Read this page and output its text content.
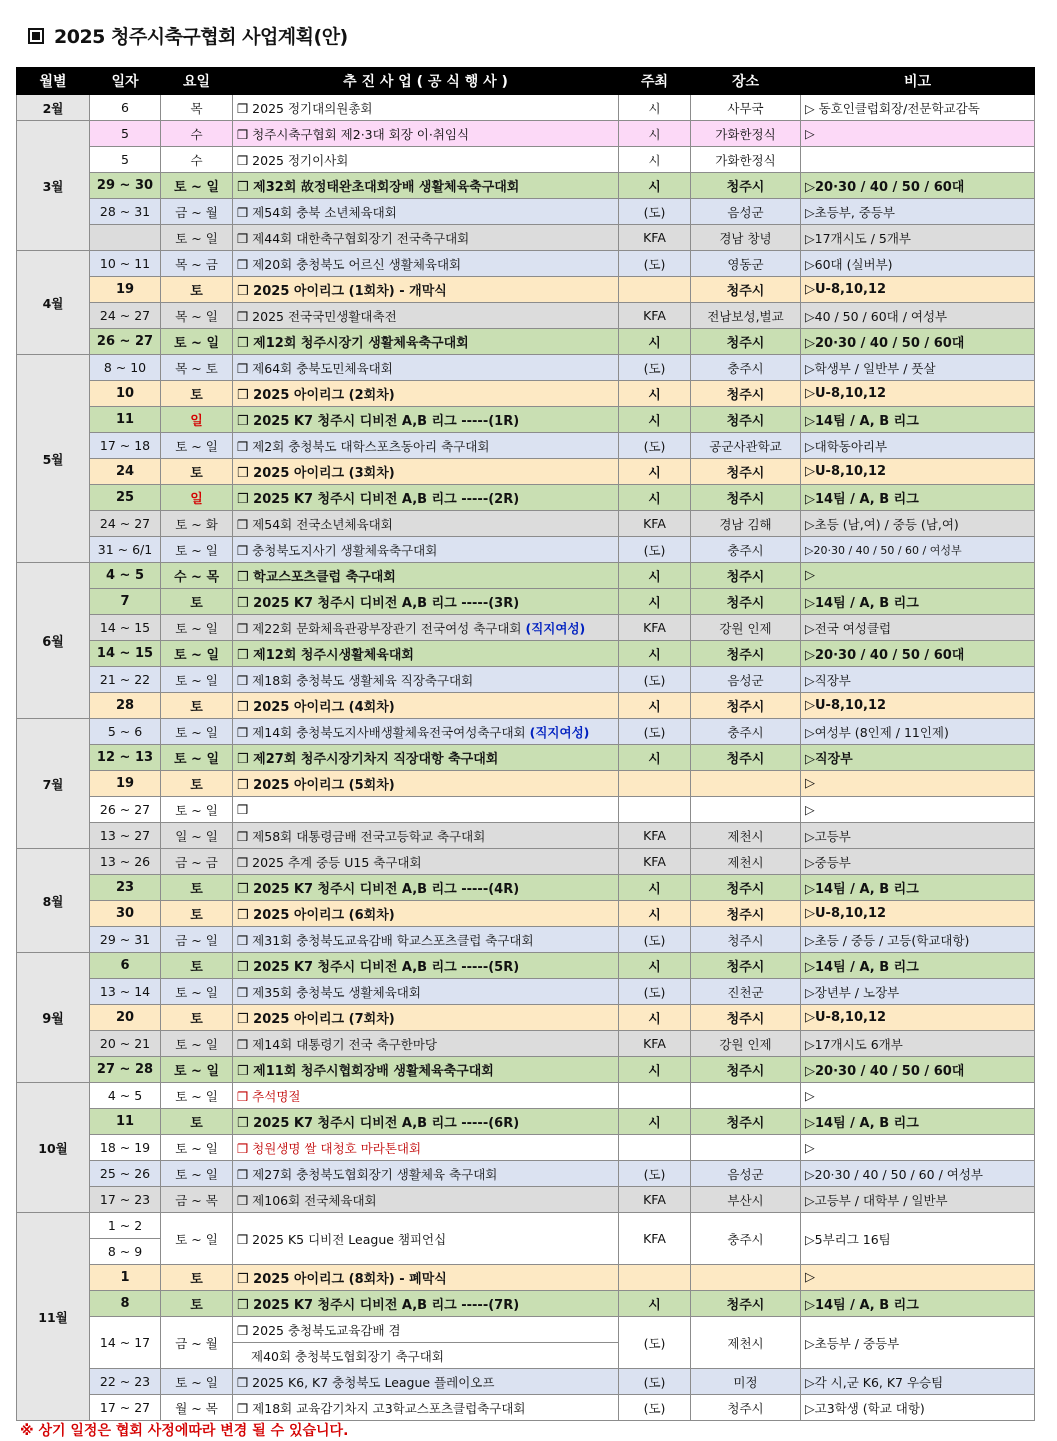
2025 청주시축구협회 사업계획(안)
월별	일자	요일	추 진 사 업 ( 공 식 행 사 )	주최	장소	비고
2월	6	목	❒ 2025 정기대의원총회	시	사무국	▷ 동호인클럽회장/전문학교감독
3월	5	수	❒ 청주시축구협회 제2·3대 회장 이·취임식	시	가화한정식	▷
	5	수	❒ 2025 정기이사회	시	가화한정식	
	29 ~ 30	토 ~ 일	❒ 제32회 故정태완초대회장배 생활체육축구대회	시	청주시	▷20·30 / 40 / 50 / 60대
	28 ~ 31	금 ~ 월	❒ 제54회 충북 소년체육대회	(도)	음성군	▷초등부, 중등부
		토 ~ 일	❒ 제44회 대한축구협회장기 전국축구대회	KFA	경남 창녕	▷17개시도 / 5개부
4월	10 ~ 11	목 ~ 금	❒ 제20회 충청북도 어르신 생활체육대회	(도)	영동군	▷60대 (실버부)
	19	토	❒ 2025 아이리그 (1회차) - 개막식		청주시	▷U-8,10,12
	24 ~ 27	목 ~ 일	❒ 2025 전국국민생활대축전	KFA	전남보성,벌교	▷40 / 50 / 60대 / 여성부
	26 ~ 27	토 ~ 일	❒ 제12회 청주시장기 생활체육축구대회	시	청주시	▷20·30 / 40 / 50 / 60대
5월	8 ~ 10	목 ~ 토	❒ 제64회 충북도민체육대회	(도)	충주시	▷학생부 / 일반부 / 풋살
	10	토	❒ 2025 아이리그 (2회차)	시	청주시	▷U-8,10,12
	11	일	❒ 2025 K7 청주시 디비전 A,B 리그 -----(1R)	시	청주시	▷14팀 / A, B 리그
	17 ~ 18	토 ~ 일	❒ 제2회 충청북도 대학스포츠동아리 축구대회	(도)	공군사관학교	▷대학동아리부
	24	토	❒ 2025 아이리그 (3회차)	시	청주시	▷U-8,10,12
	25	일	❒ 2025 K7 청주시 디비전 A,B 리그 -----(2R)	시	청주시	▷14팀 / A, B 리그
	24 ~ 27	토 ~ 화	❒ 제54회 전국소년체육대회	KFA	경남 김해	▷초등 (남,여) / 중등 (남,여)
	31 ~ 6/1	토 ~ 일	❒ 충청북도지사기 생활체육축구대회	(도)	충주시	▷20·30 / 40 / 50 / 60 / 여성부
6월	4 ~ 5	수 ~ 목	❒ 학교스포츠클럽 축구대회	시	청주시	▷
	7	토	❒ 2025 K7 청주시 디비전 A,B 리그 -----(3R)	시	청주시	▷14팀 / A, B 리그
	14 ~ 15	토 ~ 일	❒ 제22회 문화체육관광부장관기 전국여성 축구대회 (직지여성)	KFA	강원 인제	▷전국 여성클럽
	14 ~ 15	토 ~ 일	❒ 제12회 청주시생활체육대회	시	청주시	▷20·30 / 40 / 50 / 60대
	21 ~ 22	토 ~ 일	❒ 제18회 충청북도 생활체육 직장축구대회	(도)	음성군	▷직장부
	28	토	❒ 2025 아이리그 (4회차)	시	청주시	▷U-8,10,12
7월	5 ~ 6	토 ~ 일	❒ 제14회 충청북도지사배생활체육전국여성축구대회 (직지여성)	(도)	충주시	▷여성부 (8인제 / 11인제)
	12 ~ 13	토 ~ 일	❒ 제27회 청주시장기차지 직장대항 축구대회	시	청주시	▷직장부
	19	토	❒ 2025 아이리그 (5회차)			▷
	26 ~ 27	토 ~ 일	❒			▷
	13 ~ 27	일 ~ 일	❒ 제58회 대통령금배 전국고등학교 축구대회	KFA	제천시	▷고등부
8월	13 ~ 26	금 ~ 금	❒ 2025 추계 중등 U15 축구대회	KFA	제천시	▷중등부
	23	토	❒ 2025 K7 청주시 디비전 A,B 리그 -----(4R)	시	청주시	▷14팀 / A, B 리그
	30	토	❒ 2025 아이리그 (6회차)	시	청주시	▷U-8,10,12
	29 ~ 31	금 ~ 일	❒ 제31회 충청북도교육감배 학교스포츠클럽 축구대회	(도)	청주시	▷초등 / 중등 / 고등(학교대항)
9월	6	토	❒ 2025 K7 청주시 디비전 A,B 리그 -----(5R)	시	청주시	▷14팀 / A, B 리그
	13 ~ 14	토 ~ 일	❒ 제35회 충청북도 생활체육대회	(도)	진천군	▷장년부 / 노장부
	20	토	❒ 2025 아이리그 (7회차)	시	청주시	▷U-8,10,12
	20 ~ 21	토 ~ 일	❒ 제14회 대통령기 전국 축구한마당	KFA	강원 인제	▷17개시도 6개부
	27 ~ 28	토 ~ 일	❒ 제11회 청주시협회장배 생활체육축구대회	시	청주시	▷20·30 / 40 / 50 / 60대
10월	4 ~ 5	토 ~ 일	❒ 추석명절			▷
	11	토	❒ 2025 K7 청주시 디비전 A,B 리그 -----(6R)	시	청주시	▷14팀 / A, B 리그
	18 ~ 19	토 ~ 일	❒ 청원생명 쌀 대청호 마라톤대회			▷
	25 ~ 26	토 ~ 일	❒ 제27회 충청북도협회장기 생활체육 축구대회	(도)	음성군	▷20·30 / 40 / 50 / 60 / 여성부
	17 ~ 23	금 ~ 목	❒ 제106회 전국체육대회	KFA	부산시	▷고등부 / 대학부 / 일반부
11월	1 ~ 2	토 ~ 일	❒ 2025 K5 디비전 League 챔피언십	KFA	충주시	▷5부리그 16팀
	8 ~ 9					
	1	토	❒ 2025 아이리그 (8회차) - 폐막식			▷
	8	토	❒ 2025 K7 청주시 디비전 A,B 리그 -----(7R)	시	청주시	▷14팀 / A, B 리그
	14 ~ 17	금 ~ 월	❒ 2025 충청북도교육감배 겸	(도)	제천시	▷초등부 / 중등부
			제40회 충청북도협회장기 축구대회			
	22 ~ 23	토 ~ 일	❒ 2025 K6, K7 충청북도 League 플레이오프	(도)	미정	▷각 시,군 K6, K7 우승팀
	17 ~ 27	월 ~ 목	❒ 제18회 교육감기차지 고3학교스포츠클럽축구대회	(도)	청주시	▷고3학생 (학교 대항)
※ 상기 일정은 협회 사정에따라 변경 될 수 있습니다.
